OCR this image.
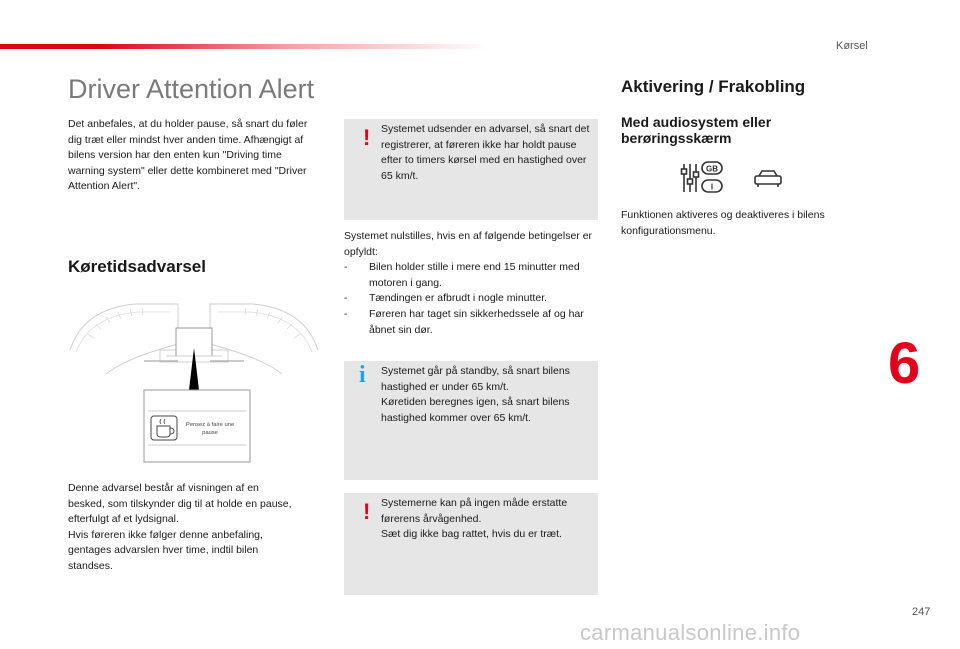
Kørsel
Driver Attention Alert
Det anbefales, at du holder pause, så snart du føler dig træt eller mindst hver anden time. Afhængigt af bilens version har den enten kun "Driving time warning system" eller dette kombineret med "Driver Attention Alert".
Køretidsadvarsel
Pensez à faire une
pause
Denne advarsel består af visningen af en besked, som tilskynder dig til at holde en pause, efterfulgt af et lydsignal.
Hvis føreren ikke følger denne anbefaling, gentages advarslen hver time, indtil bilen standses.
! Systemet udsender en advarsel, så snart det registrerer, at føreren ikke har holdt pause efter to timers kørsel med en hastighed over 65 km/t.
Systemet nulstilles, hvis en af følgende betingelser er opfyldt:
-	Bilen holder stille i mere end 15 minutter med motoren i gang.
-	Tændingen er afbrudt i nogle minutter.
-	Føreren har taget sin sikkerhedssele af og har åbnet sin dør.
i Systemet går på standby, så snart bilens hastighed er under 65 km/t.
Køretiden beregnes igen, så snart bilens hastighed kommer over 65 km/t.
! Systemerne kan på ingen måde erstatte førerens årvågenhed.
Sæt dig ikke bag rattet, hvis du er træt.
Aktivering / Frakobling
Med audiosystem eller berøringsskærm
GB
I
Funktionen aktiveres og deaktiveres i bilens konfigurationsmenu.
6
247
carmanualsonline.info
